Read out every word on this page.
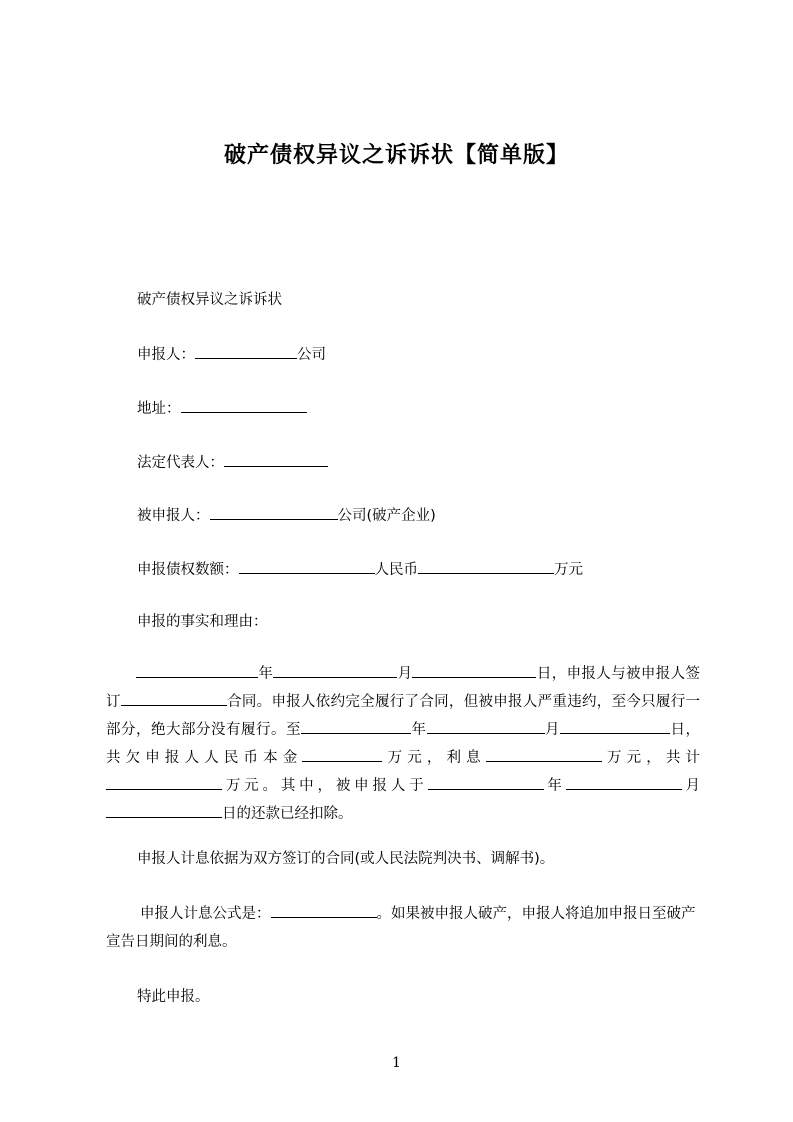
破产债权异议之诉诉状【简单版】
破产债权异议之诉诉状
申报人：	公司
地址：
法定代表人：
被申报人：	公司(破产企业)
申报债权数额：	人民币	万元
申报的事实和理由：
年	月	日，申报人与被申报人签订	合同。申报人依约完全履行了合同，但被申报人严重违约，至今只履行一部分，绝大部分没有履行。至	年	月	日，共欠申报人人民币本金	万元，利息	万元，共计万元。其中，被申报人于	年	月日的还款已经扣除。
申报人计息依据为双方签订的合同(或人民法院判决书、调解书)。
申报人计息公式是：	。如果被申报人破产，申报人将追加申报日至破产宣告日期间的利息。
特此申报。
1
